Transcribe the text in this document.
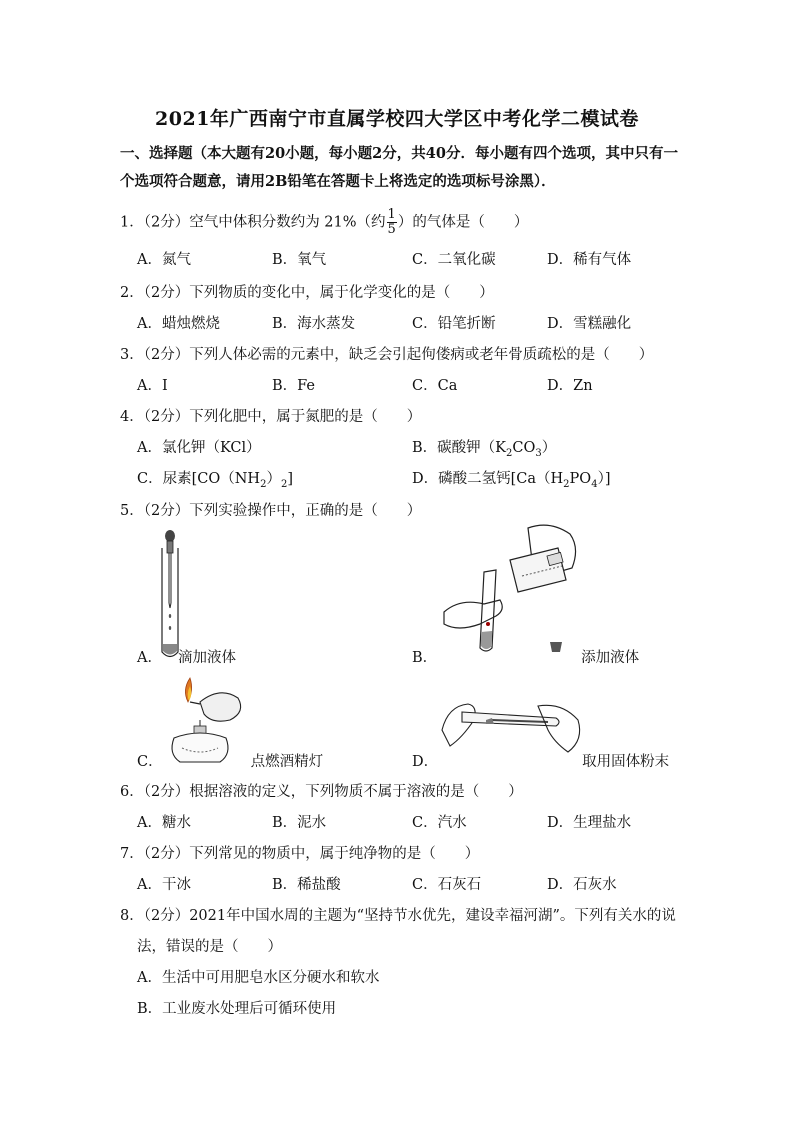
2021年广西南宁市直属学校四大学区中考化学二模试卷
一、选择题（本大题有20小题，每小题2分，共40分．每小题有四个选项，其中只有一
个选项符合题意，请用2B铅笔在答题卡上将选定的选项标号涂黑）．
1．（2分）空气中体积分数约为 21%（约 $\frac{1}{5}$ ）的气体是（　　）
A．氮气	B．氧气	C．二氧化碳	D．稀有气体
2．（2分）下列物质的变化中，属于化学变化的是（　　）
A．蜡烛燃烧	B．海水蒸发	C．铅笔折断	D．雪糕融化
3．（2分）下列人体必需的元素中，缺乏会引起佝偻病或老年骨质疏松的是（　　）
A．I	B．Fe	C．Ca	D．Zn
4．（2分）下列化肥中，属于氮肥的是（　　）
A．氯化钾（KCl）	B．碳酸钾$(K_2CO_3)$
C．尿素$[CO(NH_2)_2]$	D．磷酸二氢钙$[Ca(H_2PO_4)]$
5．（2分）下列实验操作中，正确的是（　　）
A． 滴加液体	B．	添加液体
C．	点燃酒精灯	D．	取用固体粉末
6．（2分）根据溶液的定义，下列物质不属于溶液的是（　　）
A．糖水	B．泥水	C．汽水	D．生理盐水
7．（2分）下列常见的物质中，属于纯净物的是（　　）
A．干冰	B．稀盐酸	C．石灰石	D．石灰水
8．（2分）2021年中国水周的主题为“坚持节水优先，建设幸福河湖”。下列有关水的说
法，错误的是（　　）
A．生活中可用肥皂水区分硬水和软水
B．工业废水处理后可循环使用
